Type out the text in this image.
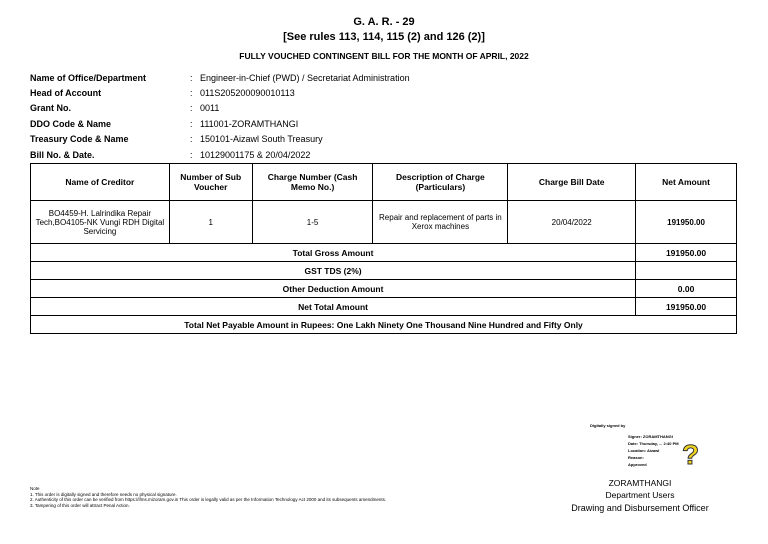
G. A. R. - 29
[See rules 113, 114, 115 (2) and 126 (2)]
FULLY VOUCHED CONTINGENT BILL FOR THE MONTH OF APRIL, 2022
Name of Office/Department	: Engineer-in-Chief (PWD) / Secretariat Administration
Head of Account	: 011S205200090010113
Grant No.	: 0011
DDO Code & Name	: 111001-ZORAMTHANGI
Treasury Code & Name	: 150101-Aizawl South Treasury
Bill No. & Date.	: 10129001175 & 20/04/2022
Name of Creditor	Number of Sub Voucher	Charge Number (Cash Memo No.)	Description of Charge (Particulars)	Charge Bill Date	Net Amount
BO4459-H. Lalrindika Repair Tech,BO4105-NK Vungi RDH Digital Servicing	1	1-5	Repair and replacement of parts in Xerox machines	20/04/2022	191950.00
Total Gross Amount					191950.00
GST TDS (2%)					
Other Deduction Amount					0.00
Net Total Amount					191950.00
Total Net Payable Amount in Rupees: One Lakh Ninety One Thousand Nine Hundred and Fifty Only					
Note
1. This order is digitally signed and therefore needs no physical signature.
2. Authenticity of this order can be verified from https://ifms.mizoram.gov.in This order is legally valid as per the Information Technology Act 2000 and its subsequents amendments.
3. Tampering of this order will attract Penal Action.
Digitally signed by
Signer: ZORAMTHANGI
Date: Thursday, ... 2:40 PM
Location: Aizawl
Reason:
Approved ?
ZORAMTHANGI
Department Users
Drawing and Disbursement Officer
